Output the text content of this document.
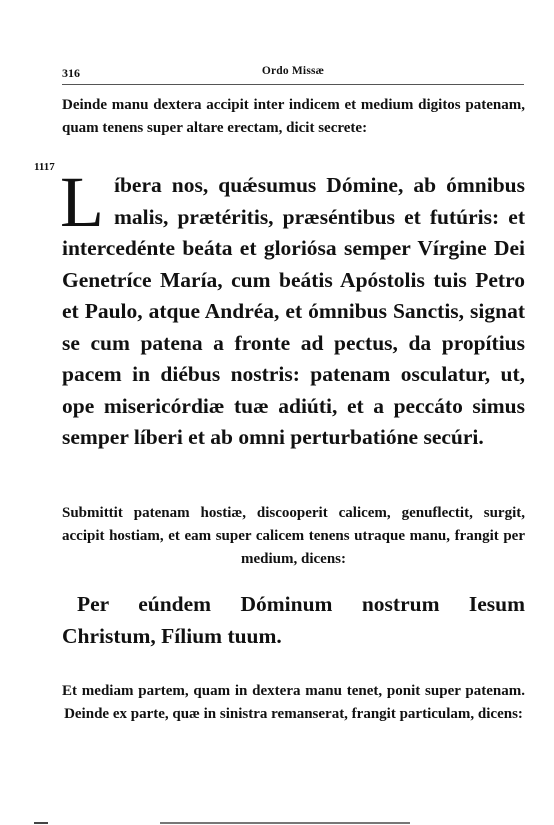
316	Ordo Missæ

Deinde manu dextera accipit inter indicem et medium digitos patenam, quam tenens super altare erectam, dicit secrete:

1117 Líbera nos, quǽsumus Dómine, ab ómnibus malis, prætéritis, præséntibus et futúris: et intercedénte beáta et gloriósa semper Vírgine Dei Genetríce María, cum beátis Apóstolis tuis Petro et Paulo, atque Andréa, et ómnibus Sanctis, signat se cum patena a fronte ad pectus, da propítius pacem in diébus nostris: patenam osculatur, ut, ope misericórdiæ tuæ adiúti, et a peccáto simus semper líberi et ab omni perturbatióne secúri.

Submittit patenam hostiæ, discooperit calicem, genuflectit, surgit, accipit hostiam, et eam super calicem tenens utraque manu, frangit per medium, dicens:

Per eúndem Dóminum nostrum Iesum Christum, Fílium tuum.

Et mediam partem, quam in dextera manu tenet, ponit super patenam. Deinde ex parte, quæ in sinistra remanserat, frangit particulam, dicens:
